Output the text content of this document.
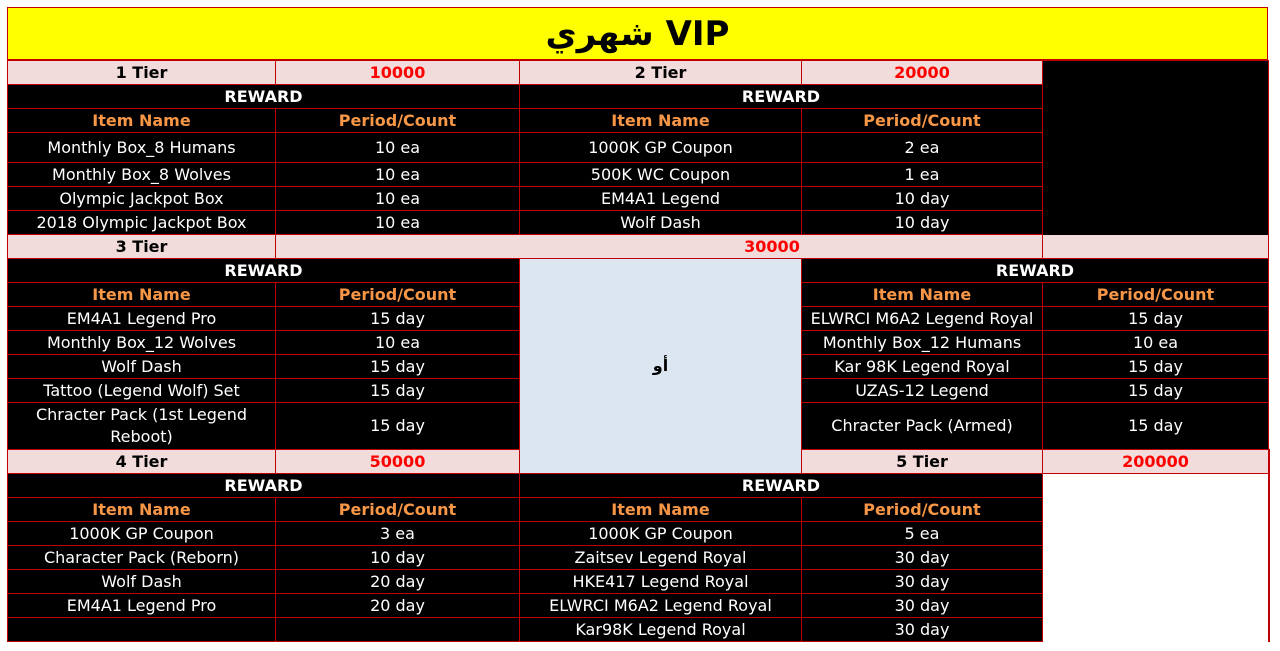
شهري VIP
1 Tier	10000	2 Tier	20000		
REWARD		REWARD			
Item Name	Period/Count	Item Name	Period/Count		
Monthly Box_8 Humans	10 ea	1000K GP Coupon	2 ea		
Monthly Box_8 Wolves	10 ea	500K WC Coupon	1 ea		
Olympic Jackpot Box	10 ea	EM4A1 Legend	10 day		
2018 Olympic Jackpot Box	10 ea	Wolf Dash	10 day		
3 Tier	30000				
REWARD		أو	REWARD		
Item Name	Period/Count		Item Name	Period/Count	
EM4A1 Legend Pro	15 day		ELWRCI M6A2 Legend Royal	15 day	
Monthly Box_12 Wolves	10 ea		Monthly Box_12 Humans	10 ea	
Wolf Dash	15 day		Kar 98K Legend Royal	15 day	
Tattoo (Legend Wolf) Set	15 day		UZAS-12 Legend	15 day	
Chracter Pack (1st Legend Reboot)	15 day		Chracter Pack (Armed)	15 day	
4 Tier	50000		5 Tier	200000	
REWARD		REWARD			
Item Name	Period/Count	Item Name	Period/Count		
1000K GP Coupon	3 ea	1000K GP Coupon	5 ea		
Character Pack (Reborn)	10 day	Zaitsev Legend Royal	30 day		
Wolf Dash	20 day	HKE417 Legend Royal	30 day		
EM4A1 Legend Pro	20 day	ELWRCI M6A2 Legend Royal	30 day		
		Kar98K Legend Royal	30 day		
